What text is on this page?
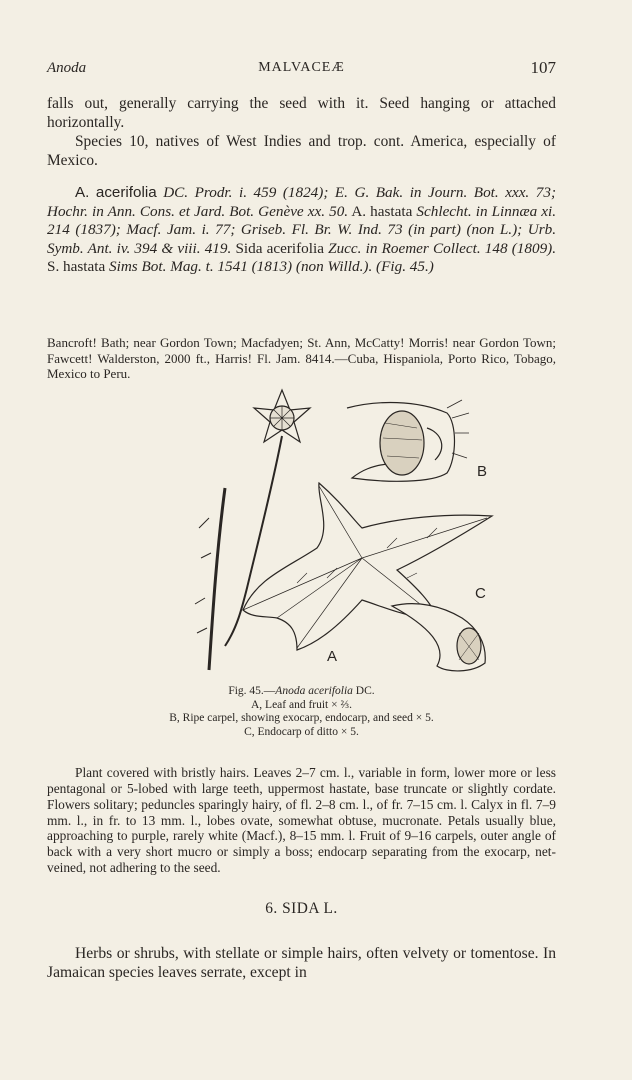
Anoda	MALVACEÆ	107

falls out, generally carrying the seed with it. Seed hanging or attached horizontally.

Species 10, natives of West Indies and trop. cont. America, especially of Mexico.

A. acerifolia DC. Prodr. i. 459 (1824); E. G. Bak. in Journ. Bot. xxx. 73; Hochr. in Ann. Cons. et Jard. Bot. Genève xx. 50. A. hastata Schlecht. in Linnæa xi. 214 (1837); Macf. Jam. i. 77; Griseb. Fl. Br. W. Ind. 73 (in part) (non L.); Urb. Symb. Ant. iv. 394 & viii. 419. Sida acerifolia Zucc. in Roemer Collect. 148 (1809). S. hastata Sims Bot. Mag. t. 1541 (1813) (non Willd.). (Fig. 45.)

Bancroft! Bath; near Gordon Town; Macfadyen; St. Ann, McCatty! Morris! near Gordon Town; Fawcett! Walderston, 2000 ft., Harris! Fl. Jam. 8414.—Cuba, Hispaniola, Porto Rico, Tobago, Mexico to Peru.

A
B
C
Fig. 45.—Anoda acerifolia DC.
A, Leaf and fruit × ⅔.
B, Ripe carpel, showing exocarp, endocarp, and seed × 5.
C, Endocarp of ditto × 5.

Plant covered with bristly hairs. Leaves 2–7 cm. l., variable in form, lower more or less pentagonal or 5-lobed with large teeth, uppermost hastate, base truncate or slightly cordate. Flowers solitary; peduncles sparingly hairy, of fl. 2–8 cm. l., of fr. 7–15 cm. l. Calyx in fl. 7–9 mm. l., in fr. to 13 mm. l., lobes ovate, somewhat obtuse, mucronate. Petals usually blue, approaching to purple, rarely white (Macf.), 8–15 mm. l. Fruit of 9–16 carpels, outer angle of back with a very short mucro or simply a boss; endocarp separating from the exocarp, net-veined, not adhering to the seed.

6. SIDA L.

Herbs or shrubs, with stellate or simple hairs, often velvety or tomentose. In Jamaican species leaves serrate, except in
